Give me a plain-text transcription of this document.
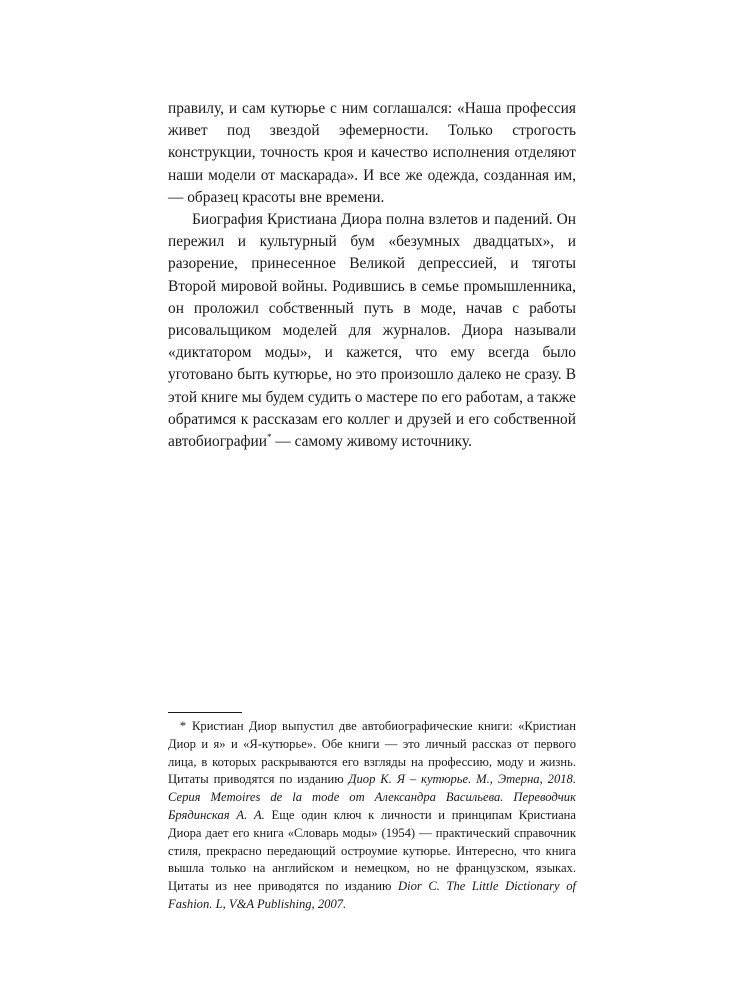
правилу, и сам кутюрье с ним соглашался: «Наша профессия живет под звездой эфемерности. Только строгость конструкции, точность кроя и качество исполнения отделяют наши модели от маскарада». И все же одежда, созданная им, — образец красоты вне времени.

Биография Кристиана Диора полна взлетов и падений. Он пережил и культурный бум «безумных двадцатых», и разорение, принесенное Великой депрессией, и тяготы Второй мировой войны. Родившись в семье промышленника, он проложил собственный путь в моде, начав с работы рисовальщиком моделей для журналов. Диора называли «диктатором моды», и кажется, что ему всегда было уготовано быть кутюрье, но это произошло далеко не сразу. В этой книге мы будем судить о мастере по его работам, а также обратимся к рассказам его коллег и друзей и его собственной автобиографии* — самому живому источнику.

* Кристиан Диор выпустил две автобиографические книги: «Кристиан Диор и я» и «Я-кутюрье». Обе книги — это личный рассказ от первого лица, в которых раскрываются его взгляды на профессию, моду и жизнь. Цитаты приводятся по изданию Диор К. Я – кутюрье. М., Этерна, 2018. Серия Memoires de la mode от Александра Васильева. Переводчик Брядинская А. А. Еще один ключ к личности и принципам Кристиана Диора дает его книга «Словарь моды» (1954) — практический справочник стиля, прекрасно передающий остроумие кутюрье. Интересно, что книга вышла только на английском и немецком, но не французском, языках. Цитаты из нее приводятся по изданию Dior C. The Little Dictionary of Fashion. L, V&A Publishing, 2007.
